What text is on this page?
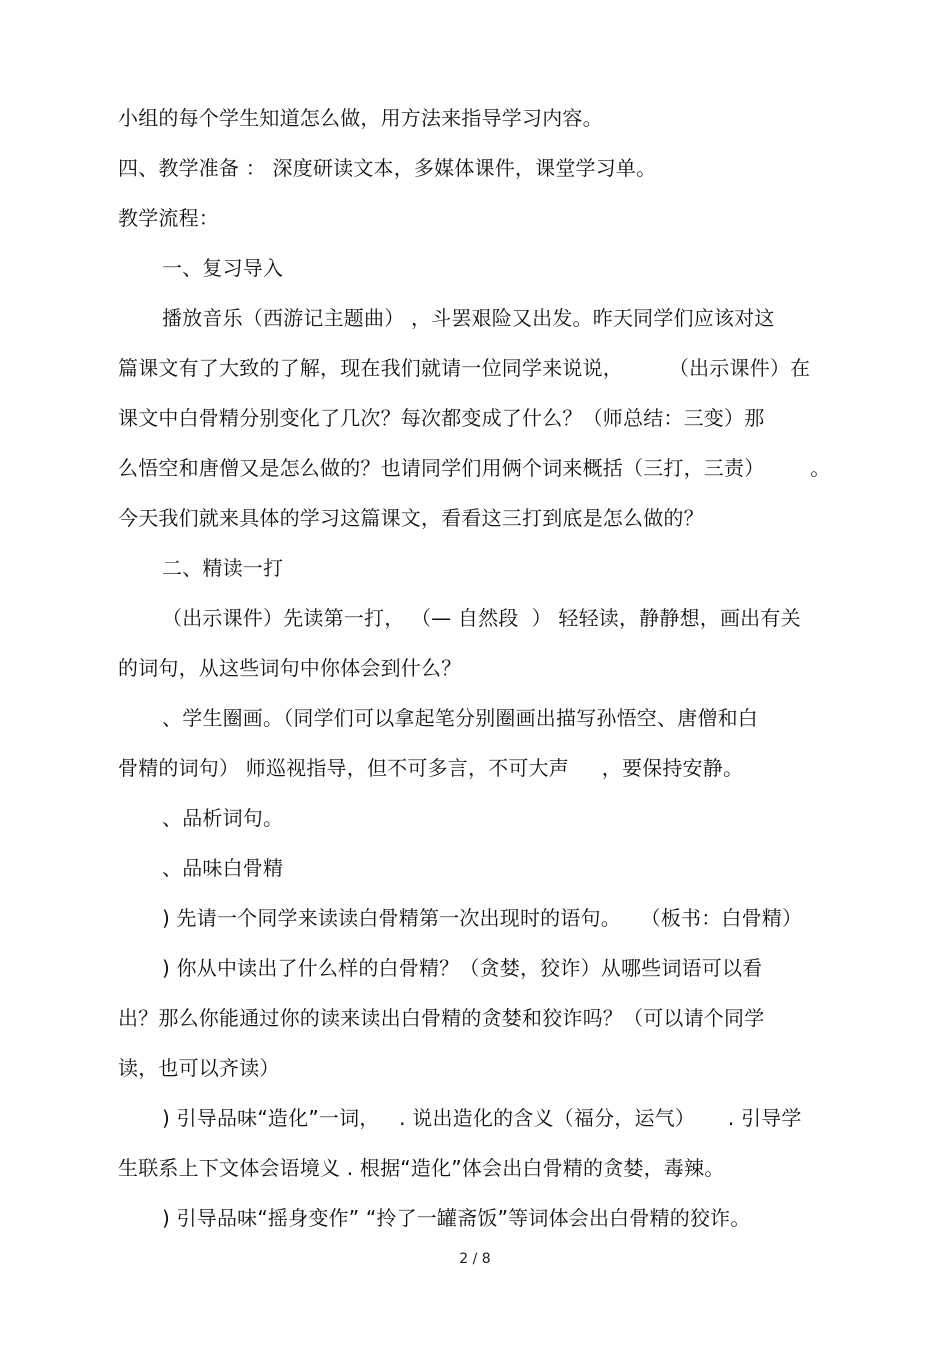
小组的每个学生知道怎么做，用方法来指导学习内容。
四、教学准备 ： 深度研读文本，多媒体课件，课堂学习单。
教学流程：
一、复习导入
播放音乐（西游记主题曲） ，斗罢艰险又出发。昨天同学们应该对这
篇课文有了大致的了解，现在我们就请一位同学来说说，       （出示课件）在
课文中白骨精分别变化了几次？每次都变成了什么？（师总结：三变）那
么悟空和唐僧又是怎么做的？也请同学们用俩个词来概括（三打，三责）       。
今天我们就来具体的学习这篇课文，看看这三打到底是怎么做的？
二、精读一打
（出示课件）先读第一打， （— 自然段  ） 轻轻读，静静想，画出有关
的词句，从这些词句中你体会到什么？
、学生圈画。（同学们可以拿起笔分别圈画出描写孙悟空、唐僧和白
骨精的词句） 师巡视指导，但不可多言，不可大声     ，要保持安静。
、品析词句。
、品味白骨精
) 先请一个同学来读读白骨精第一次出现时的语句。   （板书：白骨精）
) 你从中读出了什么样的白骨精？（贪婪，狡诈）从哪些词语可以看
出？那么你能通过你的读来读出白骨精的贪婪和狡诈吗？（可以请个同学
读，也可以齐读）
) 引导品味“造化”一词，   . 说出造化的含义（福分，运气）     . 引导学
生联系上下文体会语境义 . 根据“造化”体会出白骨精的贪婪，毒辣。
) 引导品味“摇身变作” “拎了一罐斋饭”等词体会出白骨精的狡诈。
2 / 8
